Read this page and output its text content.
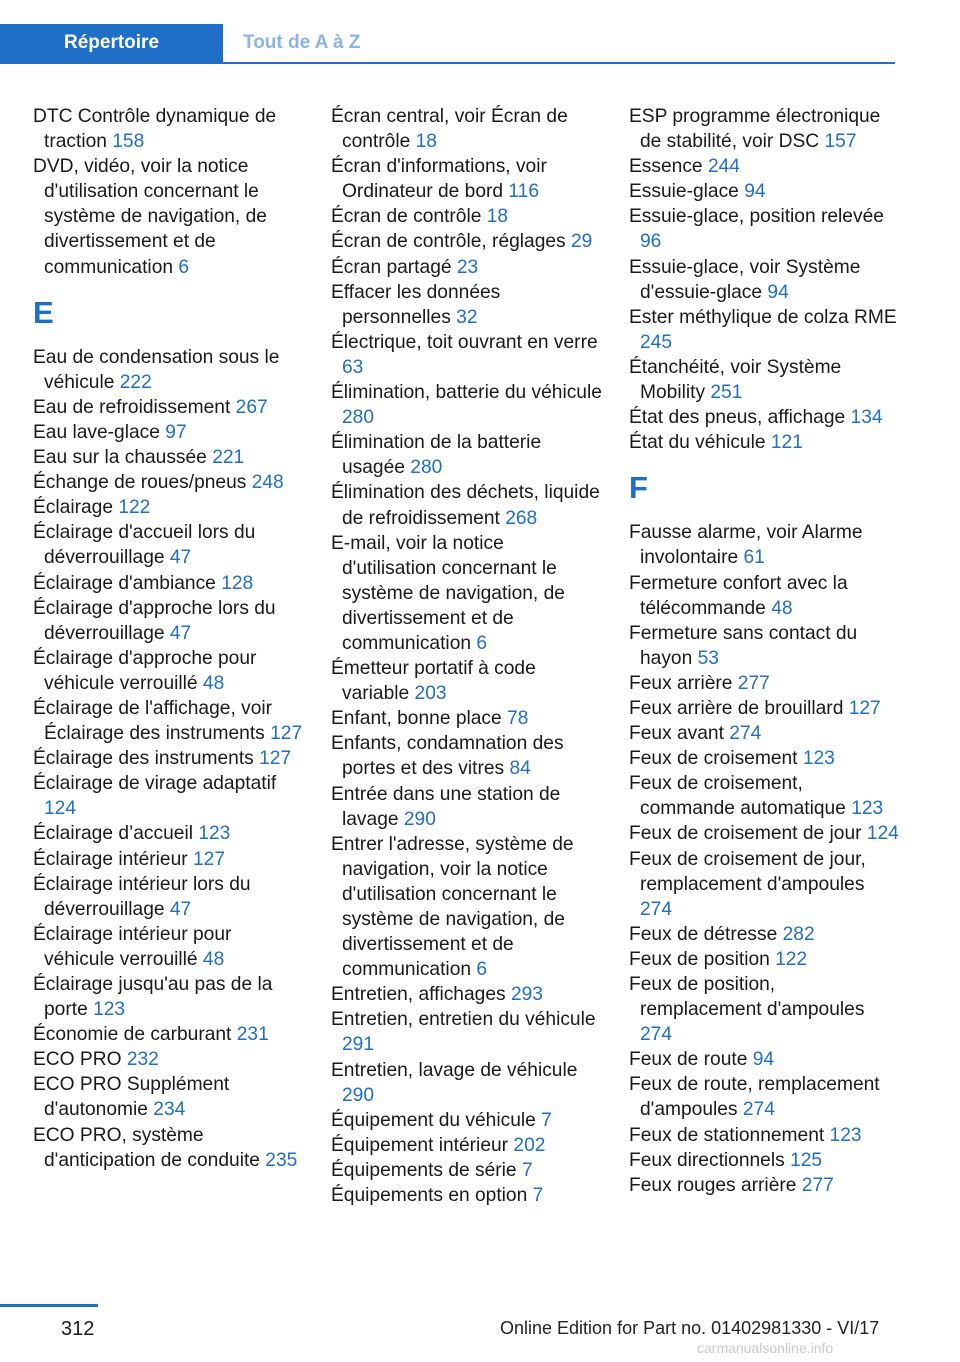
Répertoire	Tout de A à Z
DTC Contrôle dynamique de traction 158
DVD, vidéo, voir la notice d'utilisation concernant le système de navigation, de divertissement et de communication 6
E
Eau de condensation sous le véhicule 222
Eau de refroidissement 267
Eau lave-glace 97
Eau sur la chaussée 221
Échange de roues/pneus 248
Éclairage 122
Éclairage d'accueil lors du déverrouillage 47
Éclairage d'ambiance 128
Éclairage d'approche lors du déverrouillage 47
Éclairage d'approche pour véhicule verrouillé 48
Éclairage de l'affichage, voir Éclairage des instruments 127
Éclairage des instruments 127
Éclairage de virage adaptatif 124
Éclairage d’accueil 123
Éclairage intérieur 127
Éclairage intérieur lors du déverrouillage 47
Éclairage intérieur pour véhicule verrouillé 48
Éclairage jusqu'au pas de la porte 123
Économie de carburant 231
ECO PRO 232
ECO PRO Supplément d'autonomie 234
ECO PRO, système d'anticipation de conduite 235
Écran central, voir Écran de contrôle 18
Écran d'informations, voir Ordinateur de bord 116
Écran de contrôle 18
Écran de contrôle, réglages 29
Écran partagé 23
Effacer les données personnelles 32
Électrique, toit ouvrant en verre 63
Élimination, batterie du véhicule 280
Élimination de la batterie usagée 280
Élimination des déchets, liquide de refroidissement 268
E-mail, voir la notice d'utilisation concernant le système de navigation, de divertissement et de communication 6
Émetteur portatif à code variable 203
Enfant, bonne place 78
Enfants, condamnation des portes et des vitres 84
Entrée dans une station de lavage 290
Entrer l'adresse, système de navigation, voir la notice d'utilisation concernant le système de navigation, de divertissement et de communication 6
Entretien, affichages 293
Entretien, entretien du véhicule 291
Entretien, lavage de véhicule 290
Équipement du véhicule 7
Équipement intérieur 202
Équipements de série 7
Équipements en option 7
ESP programme électronique de stabilité, voir DSC 157
Essence 244
Essuie-glace 94
Essuie-glace, position relevée 96
Essuie-glace, voir Système d'essuie-glace 94
Ester méthylique de colza RME 245
Étanchéité, voir Système Mobility 251
État des pneus, affichage 134
État du véhicule 121
F
Fausse alarme, voir Alarme involontaire 61
Fermeture confort avec la télécommande 48
Fermeture sans contact du hayon 53
Feux arrière 277
Feux arrière de brouillard 127
Feux avant 274
Feux de croisement 123
Feux de croisement, commande automatique 123
Feux de croisement de jour 124
Feux de croisement de jour, remplacement d'ampoules 274
Feux de détresse 282
Feux de position 122
Feux de position, remplacement d'ampoules 274
Feux de route 94
Feux de route, remplacement d'ampoules 274
Feux de stationnement 123
Feux directionnels 125
Feux rouges arrière 277
312	Online Edition for Part no. 01402981330 - VI/17
carmanualsonline.info
